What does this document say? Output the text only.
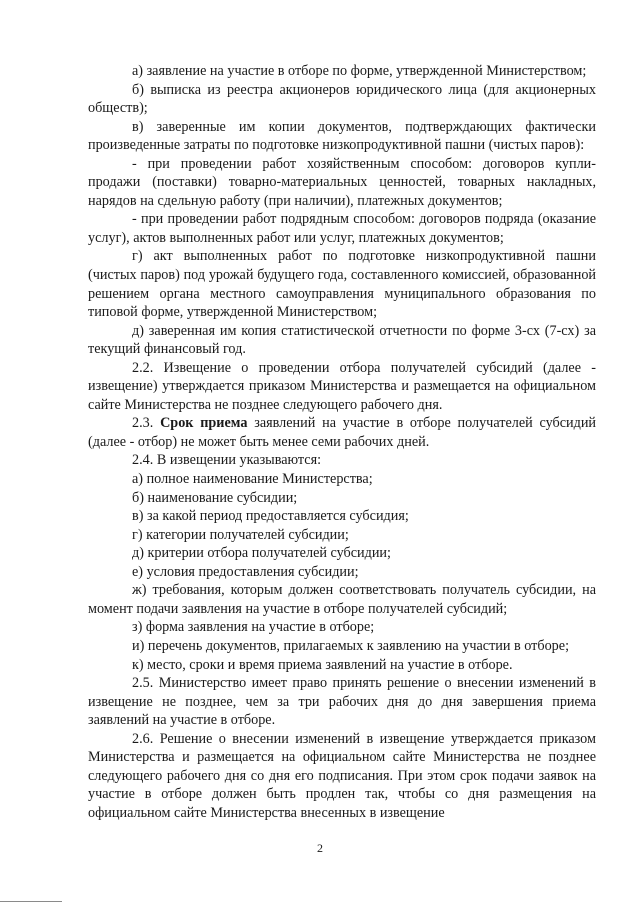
а) заявление на участие в отборе по форме, утвержденной Министерством;

б) выписка из реестра акционеров юридического лица (для акционерных обществ);

в) заверенные им копии документов, подтверждающих фактически произведенные затраты по подготовке низкопродуктивной пашни (чистых паров):

- при проведении работ хозяйственным способом: договоров купли-продажи (поставки) товарно-материальных ценностей, товарных накладных, нарядов на сдельную работу (при наличии), платежных документов;

- при проведении работ подрядным способом: договоров подряда (оказание услуг), актов выполненных работ или услуг, платежных документов;

г) акт выполненных работ по подготовке низкопродуктивной пашни (чистых паров) под урожай будущего года, составленного комиссией, образованной решением органа местного самоуправления муниципального образования по типовой форме, утвержденной Министерством;

д) заверенная им копия статистической отчетности по форме 3-сх (7-сх) за текущий финансовый год.

2.2. Извещение о проведении отбора получателей субсидий (далее - извещение) утверждается приказом Министерства и размещается на официальном сайте Министерства не позднее следующего рабочего дня.

2.3. Срок приема заявлений на участие в отборе получателей субсидий (далее - отбор) не может быть менее семи рабочих дней.

2.4. В извещении указываются:

а) полное наименование Министерства;

б) наименование субсидии;

в) за какой период предоставляется субсидия;

г) категории получателей субсидии;

д) критерии отбора получателей субсидии;

е) условия предоставления субсидии;

ж) требования, которым должен соответствовать получатель субсидии, на момент подачи заявления на участие в отборе получателей субсидий;

з) форма заявления на участие в отборе;

и) перечень документов, прилагаемых к заявлению на участии в отборе;

к) место, сроки и время приема заявлений на участие в отборе.

2.5. Министерство имеет право принять решение о внесении изменений в извещение не позднее, чем за три рабочих дня до дня завершения приема заявлений на участие в отборе.

2.6. Решение о внесении изменений в извещение утверждается приказом Министерства и размещается на официальном сайте Министерства не позднее следующего рабочего дня со дня его подписания. При этом срок подачи заявок на участие в отборе должен быть продлен так, чтобы со дня размещения на официальном сайте Министерства внесенных в извещение

2
